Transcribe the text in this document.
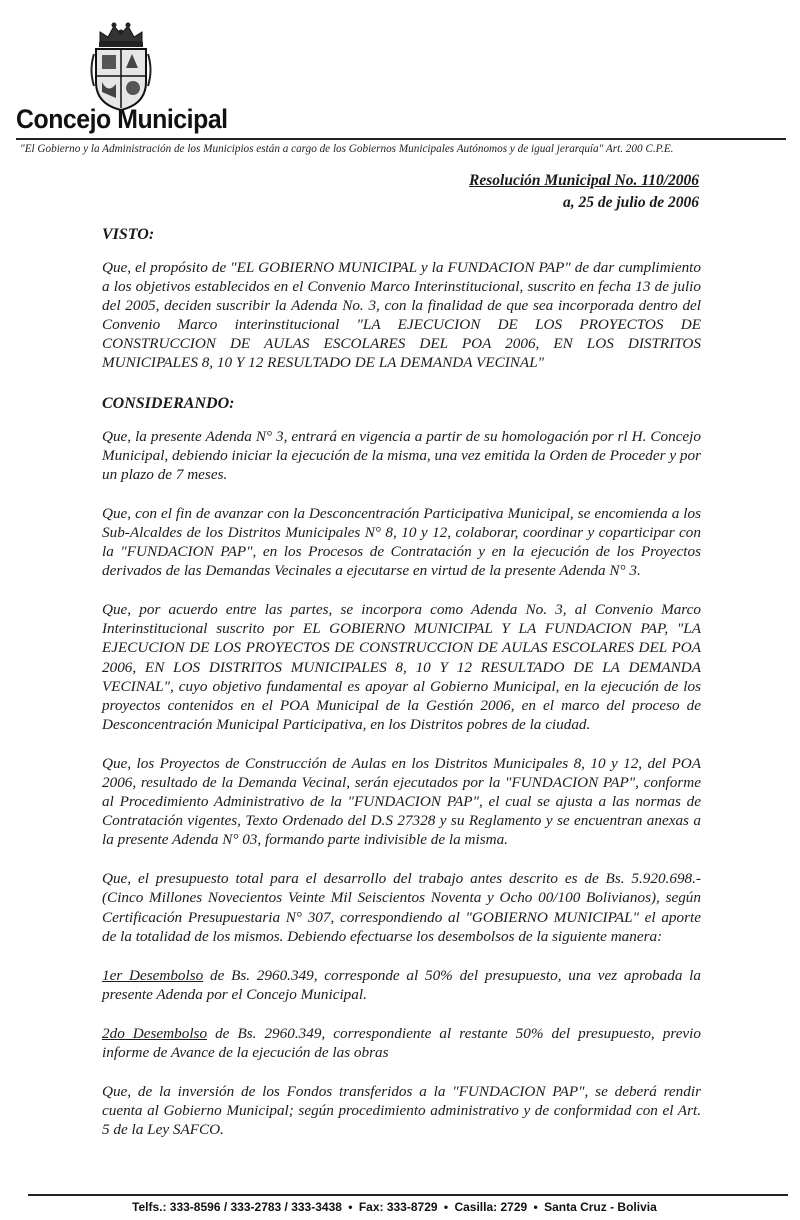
Concejo Municipal
"El Gobierno y la Administración de los Municipios están a cargo de los Gobiernos Municipales Autónomos y de igual jerarquía" Art. 200 C.P.E.
Resolución Municipal No. 110/2006
a, 25 de julio de 2006
VISTO:

Que, el propósito de "EL GOBIERNO MUNICIPAL y la FUNDACION PAP" de dar cumplimiento a los objetivos establecidos en el Convenio Marco Interinstitucional, suscrito en fecha 13 de julio del 2005, deciden suscribir la Adenda No. 3, con la finalidad de que sea incorporada dentro del Convenio Marco interinstitucional "LA EJECUCION DE LOS PROYECTOS DE CONSTRUCCION DE AULAS ESCOLARES DEL POA 2006, EN LOS DISTRITOS MUNICIPALES 8, 10 Y 12 RESULTADO DE LA DEMANDA VECINAL"

CONSIDERANDO:

Que, la presente Adenda N° 3, entrará en vigencia a partir de su homologación por rl H. Concejo Municipal, debiendo iniciar la ejecución de la misma, una vez emitida la Orden de Proceder y por un plazo de 7 meses.

Que, con el fin de avanzar con la Desconcentración Participativa Municipal, se encomienda a los Sub-Alcaldes de los Distritos Municipales N° 8, 10 y 12, colaborar, coordinar y coparticipar con la "FUNDACION PAP", en los Procesos de Contratación y en la ejecución de los Proyectos derivados de las Demandas Vecinales a ejecutarse en virtud de la presente Adenda N° 3.

Que, por acuerdo entre las partes, se incorpora como Adenda No. 3, al Convenio Marco Interinstitucional suscrito por EL GOBIERNO MUNICIPAL Y LA FUNDACION PAP, "LA EJECUCION DE LOS PROYECTOS DE CONSTRUCCION DE AULAS ESCOLARES DEL POA 2006, EN LOS DISTRITOS MUNICIPALES 8, 10 Y 12 RESULTADO DE LA DEMANDA VECINAL", cuyo objetivo fundamental es apoyar al Gobierno Municipal, en la ejecución de los proyectos contenidos en el POA Municipal de la Gestión 2006, en el marco del proceso de Desconcentración Municipal Participativa, en los Distritos pobres de la ciudad.

Que, los Proyectos de Construcción de Aulas en los Distritos Municipales 8, 10 y 12, del POA 2006, resultado de la Demanda Vecinal, serán ejecutados por la "FUNDACION PAP", conforme al Procedimiento Administrativo de la "FUNDACION PAP", el cual se ajusta a las normas de Contratación vigentes, Texto Ordenado del D.S 27328 y su Reglamento y se encuentran anexas a la presente Adenda N° 03, formando parte indivisible de la misma.

Que, el presupuesto total para el desarrollo del trabajo antes descrito es de Bs. 5.920.698.- (Cinco Millones Novecientos Veinte Mil Seiscientos Noventa y Ocho 00/100 Bolivianos), según Certificación Presupuestaria N° 307, correspondiendo al "GOBIERNO MUNICIPAL" el aporte de la totalidad de los mismos. Debiendo efectuarse los desembolsos de la siguiente manera:

1er Desembolso de Bs. 2960.349, corresponde al 50% del presupuesto, una vez aprobada la presente Adenda por el Concejo Municipal.

2do Desembolso de Bs. 2960.349, correspondiente al restante 50% del presupuesto, previo informe de Avance de la ejecución de las obras

Que, de la inversión de los Fondos transferidos a la "FUNDACION PAP", se deberá rendir cuenta al Gobierno Municipal; según procedimiento administrativo y de conformidad con el Art. 5 de la Ley SAFCO.

Telfs.: 333-8596 / 333-2783 / 333-3438 • Fax: 333-8729 • Casilla: 2729 • Santa Cruz - Bolivia
